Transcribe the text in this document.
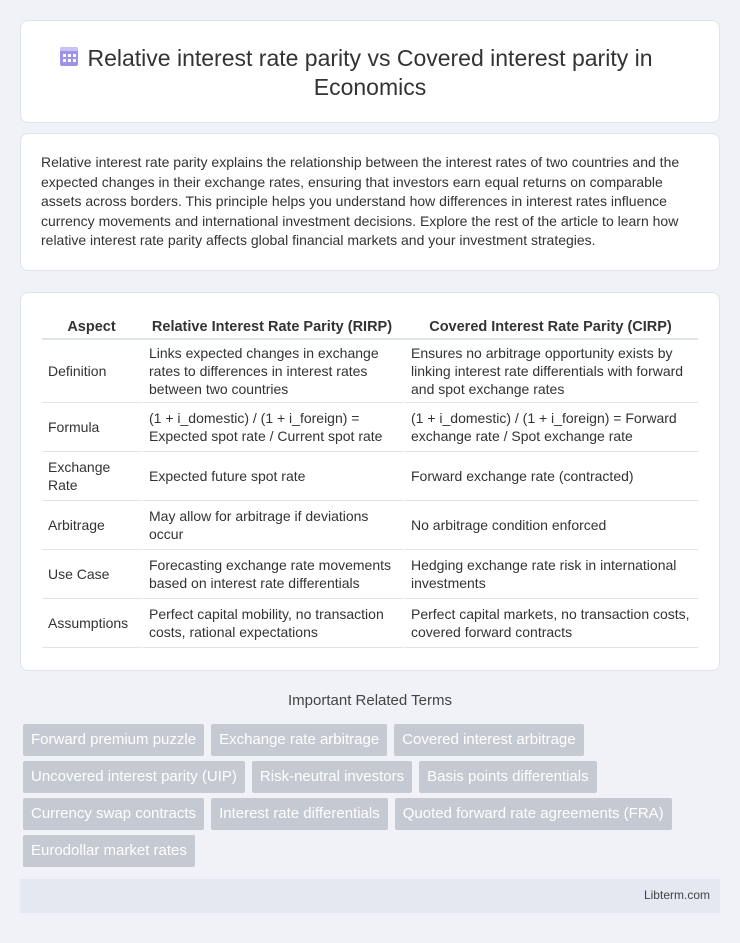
Relative interest rate parity vs Covered interest parity in
Economics

Relative interest rate parity explains the relationship between the interest rates of two countries and the expected changes in their exchange rates, ensuring that investors earn equal returns on comparable assets across borders. This principle helps you understand how differences in interest rates influence currency movements and international investment decisions. Explore the rest of the article to learn how relative interest rate parity affects global financial markets and your investment strategies.

Aspect	Relative Interest Rate Parity (RIRP)	Covered Interest Rate Parity (CIRP)
Definition	Links expected changes in exchange rates to differences in interest rates between two countries	Ensures no arbitrage opportunity exists by linking interest rate differentials with forward and spot exchange rates
Formula	(1 + i_domestic) / (1 + i_foreign) = Expected spot rate / Current spot rate	(1 + i_domestic) / (1 + i_foreign) = Forward exchange rate / Spot exchange rate
Exchange Rate	Expected future spot rate	Forward exchange rate (contracted)
Arbitrage	May allow for arbitrage if deviations occur	No arbitrage condition enforced
Use Case	Forecasting exchange rate movements based on interest rate differentials	Hedging exchange rate risk in international investments
Assumptions	Perfect capital mobility, no transaction costs, rational expectations	Perfect capital markets, no transaction costs, covered forward contracts
Important Related Terms
Forward premium puzzle	Exchange rate arbitrage	Covered interest arbitrage
Uncovered interest parity (UIP)	Risk-neutral investors	Basis points differentials
Currency swap contracts	Interest rate differentials	Quoted forward rate agreements (FRA)
Eurodollar market rates
Libterm.com
